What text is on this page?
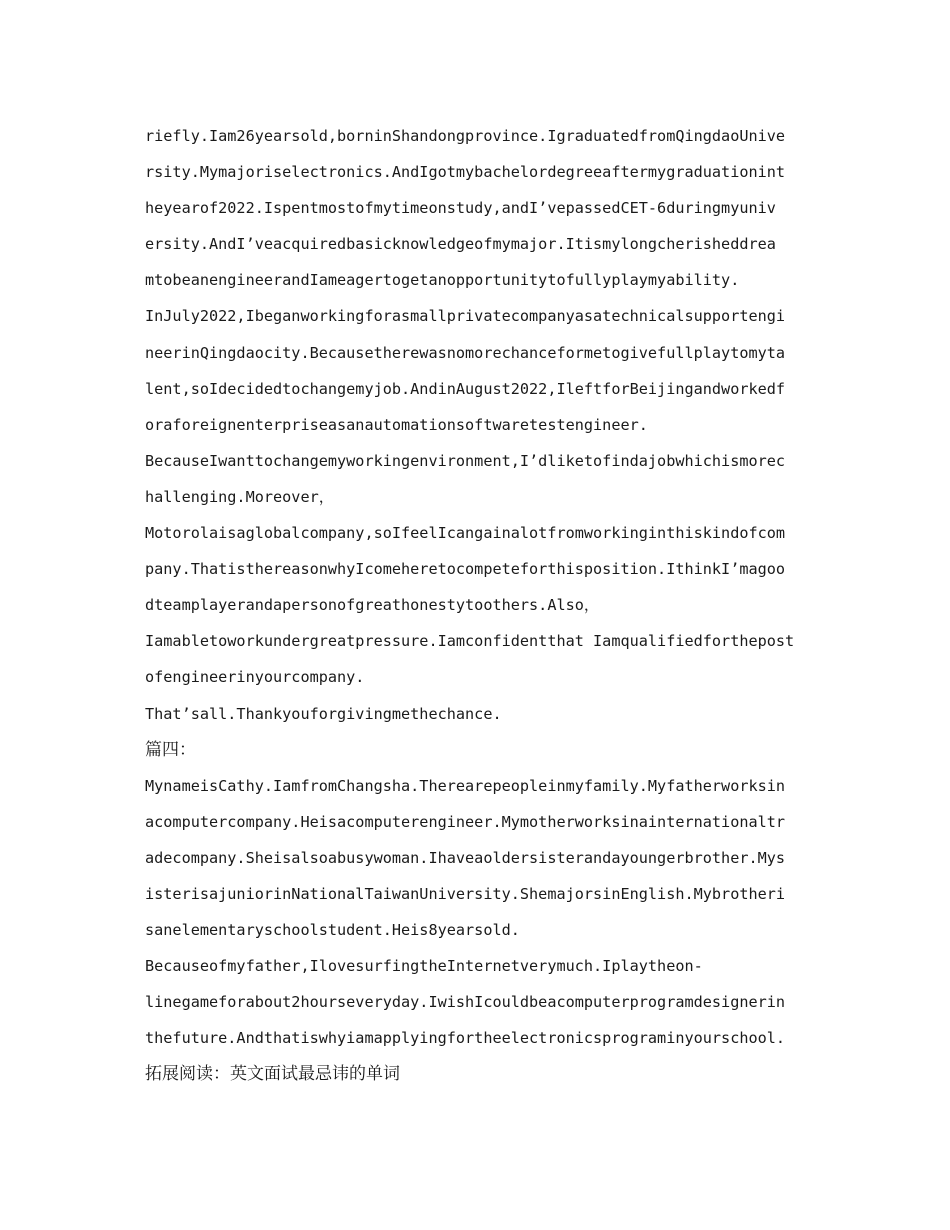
riefly.Iam26yearsold,borninShandongprovince.IgraduatedfromQingdaoUnive
rsity.Mymajoriselectronics.AndIgotmybachelordegreeaftermygraduationint
heyearof2022.Ispentmostofmytimeonstudy,andI’vepassedCET-6duringmyuniv
ersity.AndI’veacquiredbasicknowledgeofmymajor.Itismylongcherisheddrea
mtobeanengineerandIameagertogetanopportunitytofullyplaymyability.
InJuly2022,Ibeganworkingforasmallprivatecompanyasatechnicalsupportengi
neerinQingdaocity.Becausetherewasnomorechanceformetogivefullplaytomyta
lent,soIdecidedtochangemyjob.AndinAugust2022,IleftforBeijingandworkedf
oraforeignenterpriseasanautomationsoftwaretestengineer.
BecauseIwanttochangemyworkingenvironment,I’dliketofindajobwhichismorec
hallenging.Moreover，
Motorolaisaglobalcompany,soIfeelIcangainalotfromworkinginthiskindofcom
pany.ThatisthereasonwhyIcomeheretocompeteforthisposition.IthinkI’magoo
dteamplayerandapersonofgreathonestytoothers.Also，
Iamabletoworkundergreatpressure.Iamconfidentthat Iamqualifiedforthepost
ofengineerinyourcompany.
That’sall.Thankyouforgivingmethechance.
篇四：
MynameisCathy.IamfromChangsha.Therearepeopleinmyfamily.Myfatherworksin
acomputercompany.Heisacomputerengineer.Mymotherworksinainternationaltr
adecompany.Sheisalsoabusywoman.Ihaveaoldersisterandayoungerbrother.Mys
isterisajuniorinNationalTaiwanUniversity.ShemajorsinEnglish.Mybrotheri
sanelementaryschoolstudent.Heis8yearsold.
Becauseofmyfather,IlovesurfingtheInternetverymuch.Iplaytheon-
linegameforabout2hourseveryday.IwishIcouldbeacomputerprogramdesignerin
thefuture.Andthatiswhyiamapplyingfortheelectronicsprograminyourschool.
拓展阅读：英文面试最忌讳的单词
